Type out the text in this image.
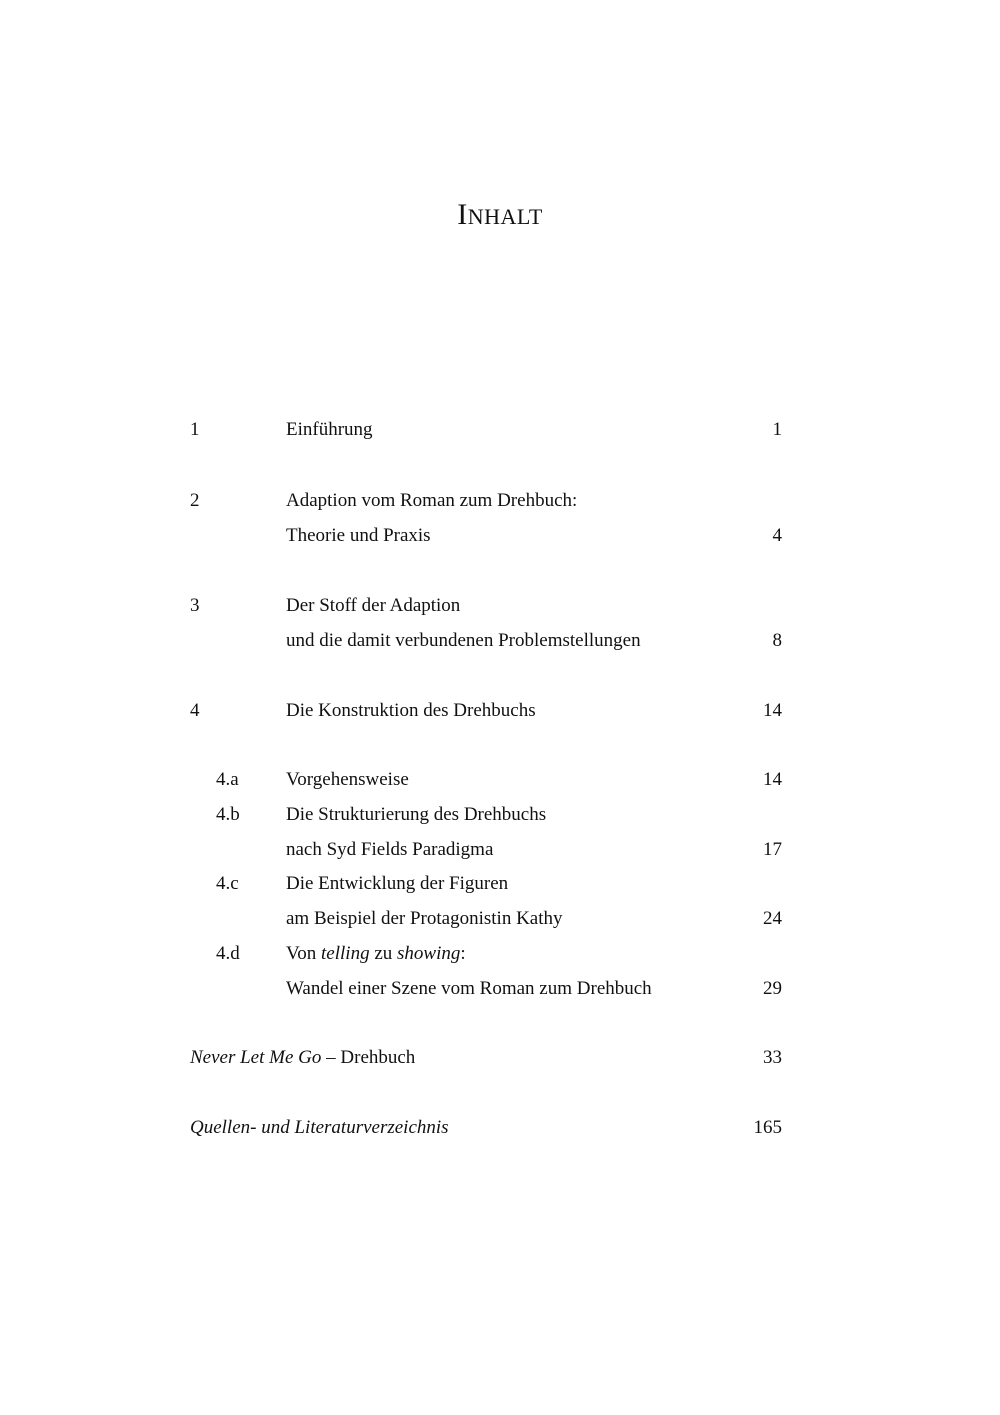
INHALT
1	Einführung	1
2	Adaption vom Roman zum Drehbuch:
Theorie und Praxis	4
3	Der Stoff der Adaption
und die damit verbundenen Problemstellungen	8
4	Die Konstruktion des Drehbuchs	14
4.a Vorgehensweise	14
4.b Die Strukturierung des Drehbuchs
nach Syd Fields Paradigma	17
4.c Die Entwicklung der Figuren
am Beispiel der Protagonistin Kathy	24
4.d Von telling zu showing:
Wandel einer Szene vom Roman zum Drehbuch	29
Never Let Me Go – Drehbuch	33
Quellen- und Literaturverzeichnis	165
